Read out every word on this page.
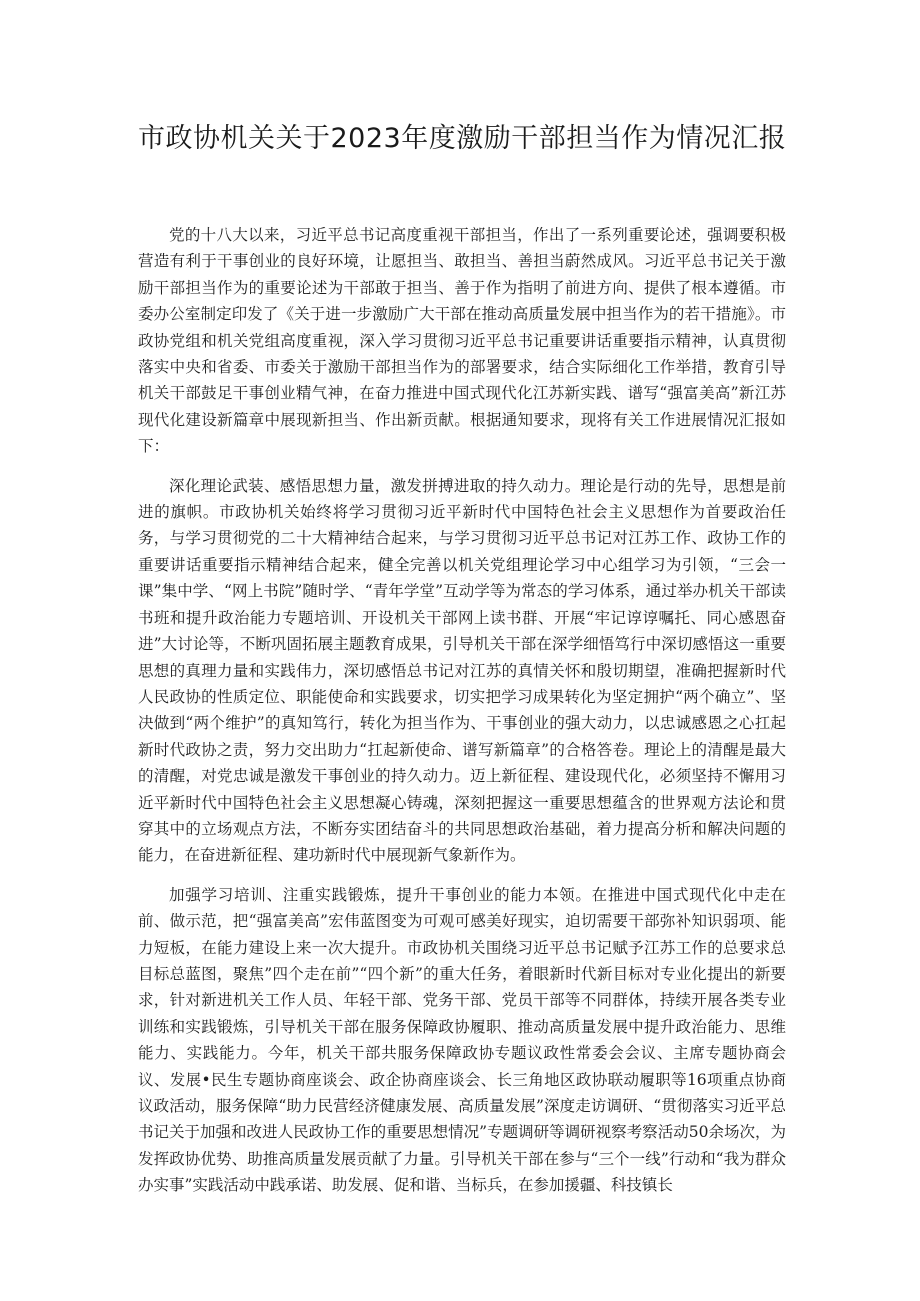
市政协机关关于2023年度激励干部担当作为情况汇报

党的十八大以来，习近平总书记高度重视干部担当，作出了一系列重要论述，强调要积极营造有利于干事创业的良好环境，让愿担当、敢担当、善担当蔚然成风。习近平总书记关于激励干部担当作为的重要论述为干部敢于担当、善于作为指明了前进方向、提供了根本遵循。市委办公室制定印发了《关于进一步激励广大干部在推动高质量发展中担当作为的若干措施》。市政协党组和机关党组高度重视，深入学习贯彻习近平总书记重要讲话重要指示精神，认真贯彻落实中央和省委、市委关于激励干部担当作为的部署要求，结合实际细化工作举措，教育引导机关干部鼓足干事创业精气神，在奋力推进中国式现代化江苏新实践、谱写“强富美高”新江苏现代化建设新篇章中展现新担当、作出新贡献。根据通知要求，现将有关工作进展情况汇报如下：

深化理论武装、感悟思想力量，激发拼搏进取的持久动力。理论是行动的先导，思想是前进的旗帜。市政协机关始终将学习贯彻习近平新时代中国特色社会主义思想作为首要政治任务，与学习贯彻党的二十大精神结合起来，与学习贯彻习近平总书记对江苏工作、政协工作的重要讲话重要指示精神结合起来，健全完善以机关党组理论学习中心组学习为引领，“三会一课”集中学、“网上书院”随时学、“青年学堂”互动学等为常态的学习体系，通过举办机关干部读书班和提升政治能力专题培训、开设机关干部网上读书群、开展“牢记谆谆嘱托、同心感恩奋进”大讨论等，不断巩固拓展主题教育成果，引导机关干部在深学细悟笃行中深切感悟这一重要思想的真理力量和实践伟力，深切感悟总书记对江苏的真情关怀和殷切期望，准确把握新时代人民政协的性质定位、职能使命和实践要求，切实把学习成果转化为坚定拥护“两个确立”、坚决做到“两个维护”的真知笃行，转化为担当作为、干事创业的强大动力，以忠诚感恩之心扛起新时代政协之责，努力交出助力“扛起新使命、谱写新篇章”的合格答卷。理论上的清醒是最大的清醒，对党忠诚是激发干事创业的持久动力。迈上新征程、建设现代化，必须坚持不懈用习近平新时代中国特色社会主义思想凝心铸魂，深刻把握这一重要思想蕴含的世界观方法论和贯穿其中的立场观点方法，不断夯实团结奋斗的共同思想政治基础，着力提高分析和解决问题的能力，在奋进新征程、建功新时代中展现新气象新作为。

加强学习培训、注重实践锻炼，提升干事创业的能力本领。在推进中国式现代化中走在前、做示范，把“强富美高”宏伟蓝图变为可观可感美好现实，迫切需要干部弥补知识弱项、能力短板，在能力建设上来一次大提升。市政协机关围绕习近平总书记赋予江苏工作的总要求总目标总蓝图，聚焦”四个走在前”“四个新”的重大任务，着眼新时代新目标对专业化提出的新要求，针对新进机关工作人员、年轻干部、党务干部、党员干部等不同群体，持续开展各类专业训练和实践锻炼，引导机关干部在服务保障政协履职、推动高质量发展中提升政治能力、思维能力、实践能力。今年，机关干部共服务保障政协专题议政性常委会会议、主席专题协商会议、发展•民生专题协商座谈会、政企协商座谈会、长三角地区政协联动履职等16项重点协商议政活动，服务保障“助力民营经济健康发展、高质量发展”深度走访调研、“贯彻落实习近平总书记关于加强和改进人民政协工作的重要思想情况”专题调研等调研视察考察活动50余场次，为发挥政协优势、助推高质量发展贡献了力量。引导机关干部在参与“三个一线”行动和“我为群众办实事”实践活动中践承诺、助发展、促和谐、当标兵，在参加援疆、科技镇长
